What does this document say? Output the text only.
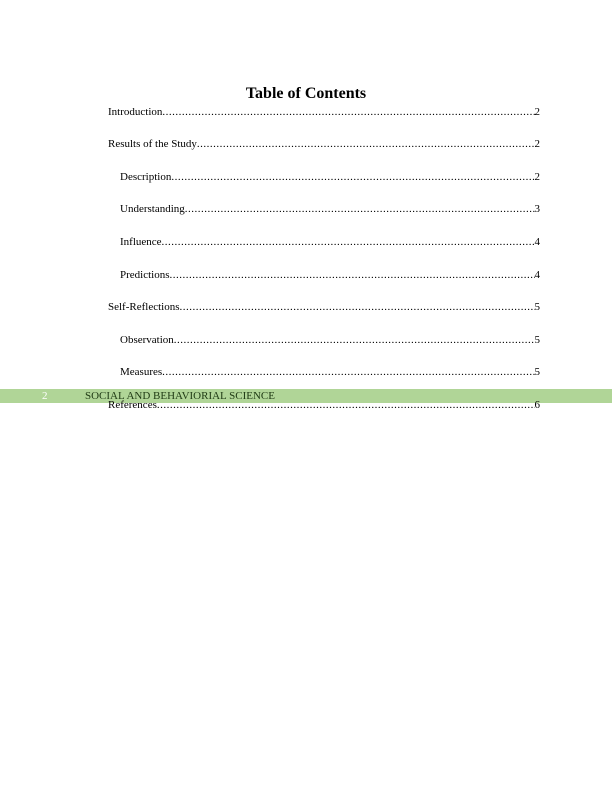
Table of Contents
Introduction .....	2
Results of the Study .....	2
Description .....	2
Understanding .....	3
Influence .....	4
Predictions .....	4
Self-Reflections .....	5
Observation .....	5
Measures .....	5
References .....	6
2	SOCIAL AND BEHAVIORIAL SCIENCE
